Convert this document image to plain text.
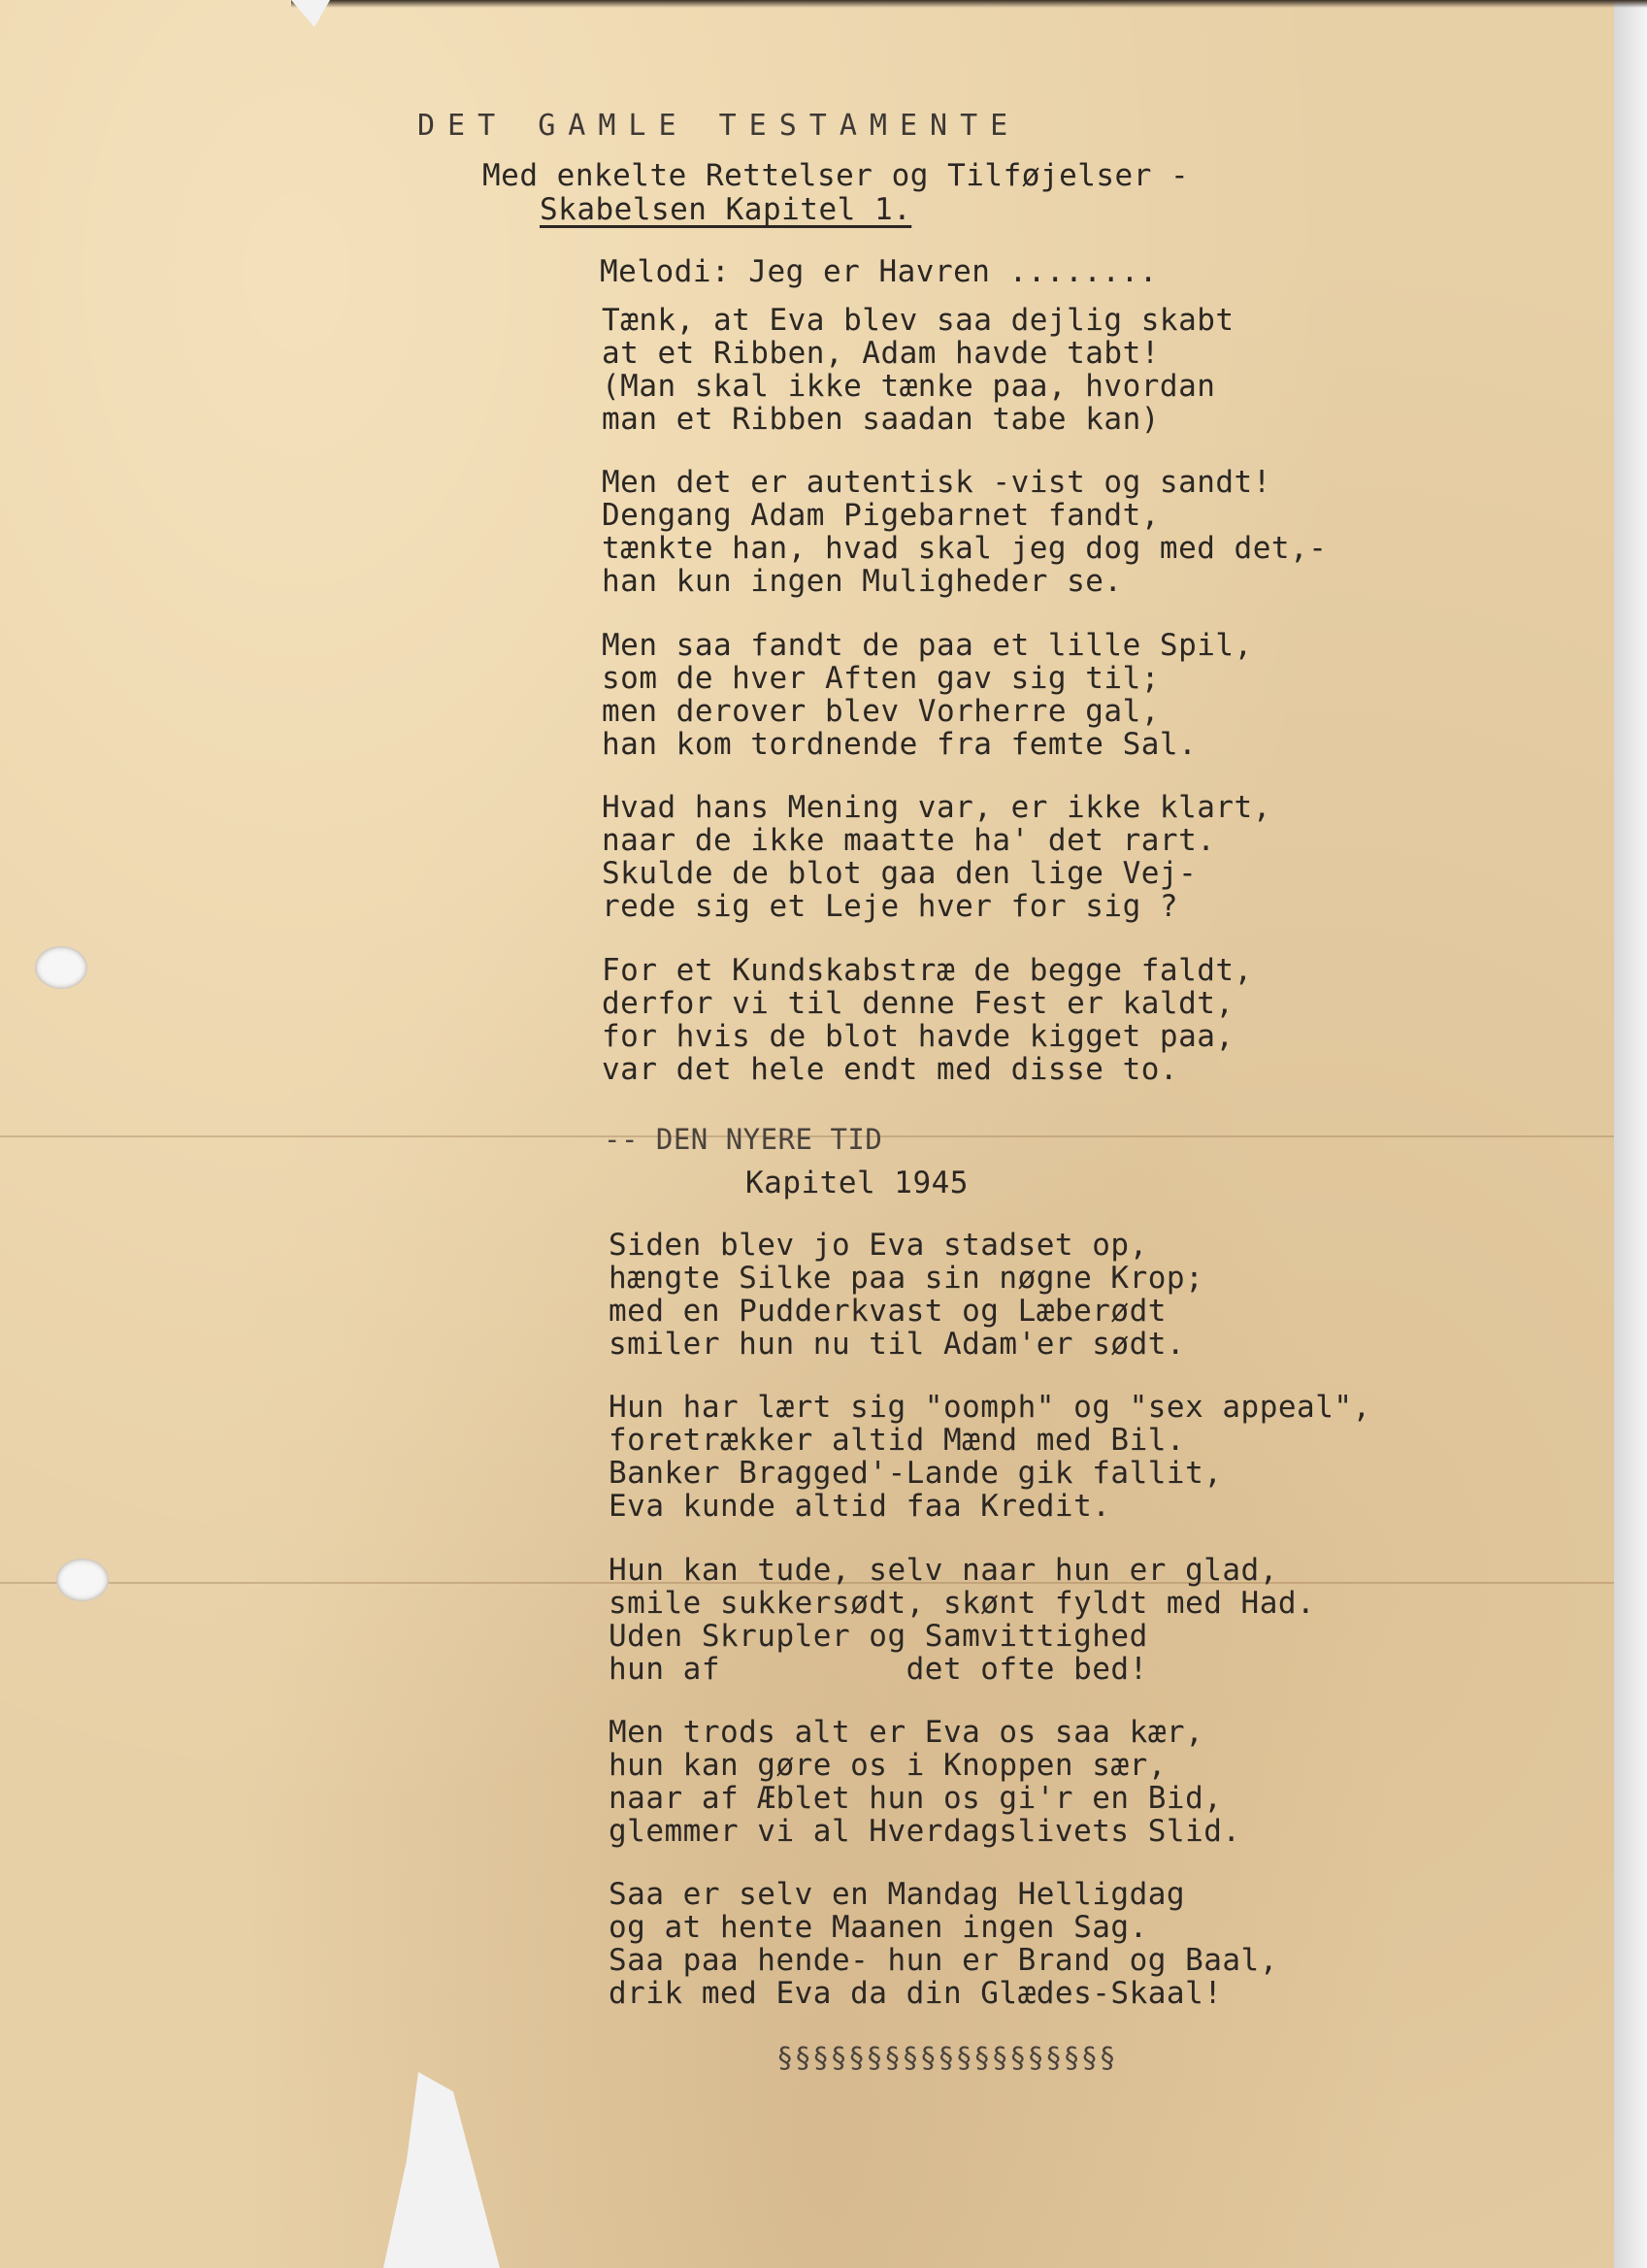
DET GAMLE TESTAMENTE
Med enkelte Rettelser og Tilføjelser -
Skabelsen Kapitel 1.
Melodi: Jeg er Havren ........
Tænk, at Eva blev saa dejlig skabt
at et Ribben, Adam havde tabt!
(Man skal ikke tænke paa, hvordan
man et Ribben saadan tabe kan)
Men det er autentisk -vist og sandt!
Dengang Adam Pigebarnet fandt,
tænkte han, hvad skal jeg dog med det,-
han kun ingen Muligheder se.
Men saa fandt de paa et lille Spil,
som de hver Aften gav sig til;
men derover blev Vorherre gal,
han kom tordnende fra femte Sal.
Hvad hans Mening var, er ikke klart,
naar de ikke maatte ha' det rart.
Skulde de blot gaa den lige Vej-
rede sig et Leje hver for sig ?
For et Kundskabstræ de begge faldt,
derfor vi til denne Fest er kaldt,
for hvis de blot havde kigget paa,
var det hele endt med disse to.
-- DEN NYERE TID
Kapitel 1945
Siden blev jo Eva stadset op,
hængte Silke paa sin nøgne Krop;
med en Pudderkvast og Læberødt
smiler hun nu til Adam'er sødt.
Hun har lært sig "oomph" og "sex appeal",
foretrækker altid Mænd med Bil.
Banker Bragged'-Lande gik fallit,
Eva kunde altid faa Kredit.
Hun kan tude, selv naar hun er glad,
smile sukkersødt, skønt fyldt med Had.
Uden Skrupler og Samvittighed
hun af          det ofte bed!
Men trods alt er Eva os saa kær,
hun kan gøre os i Knoppen sær,
naar af Æblet hun os gi'r en Bid,
glemmer vi al Hverdagslivets Slid.
Saa er selv en Mandag Helligdag
og at hente Maanen ingen Sag.
Saa paa hende- hun er Brand og Baal,
drik med Eva da din Glædes-Skaal!
§§§§§§§§§§§§§§§§§§§
